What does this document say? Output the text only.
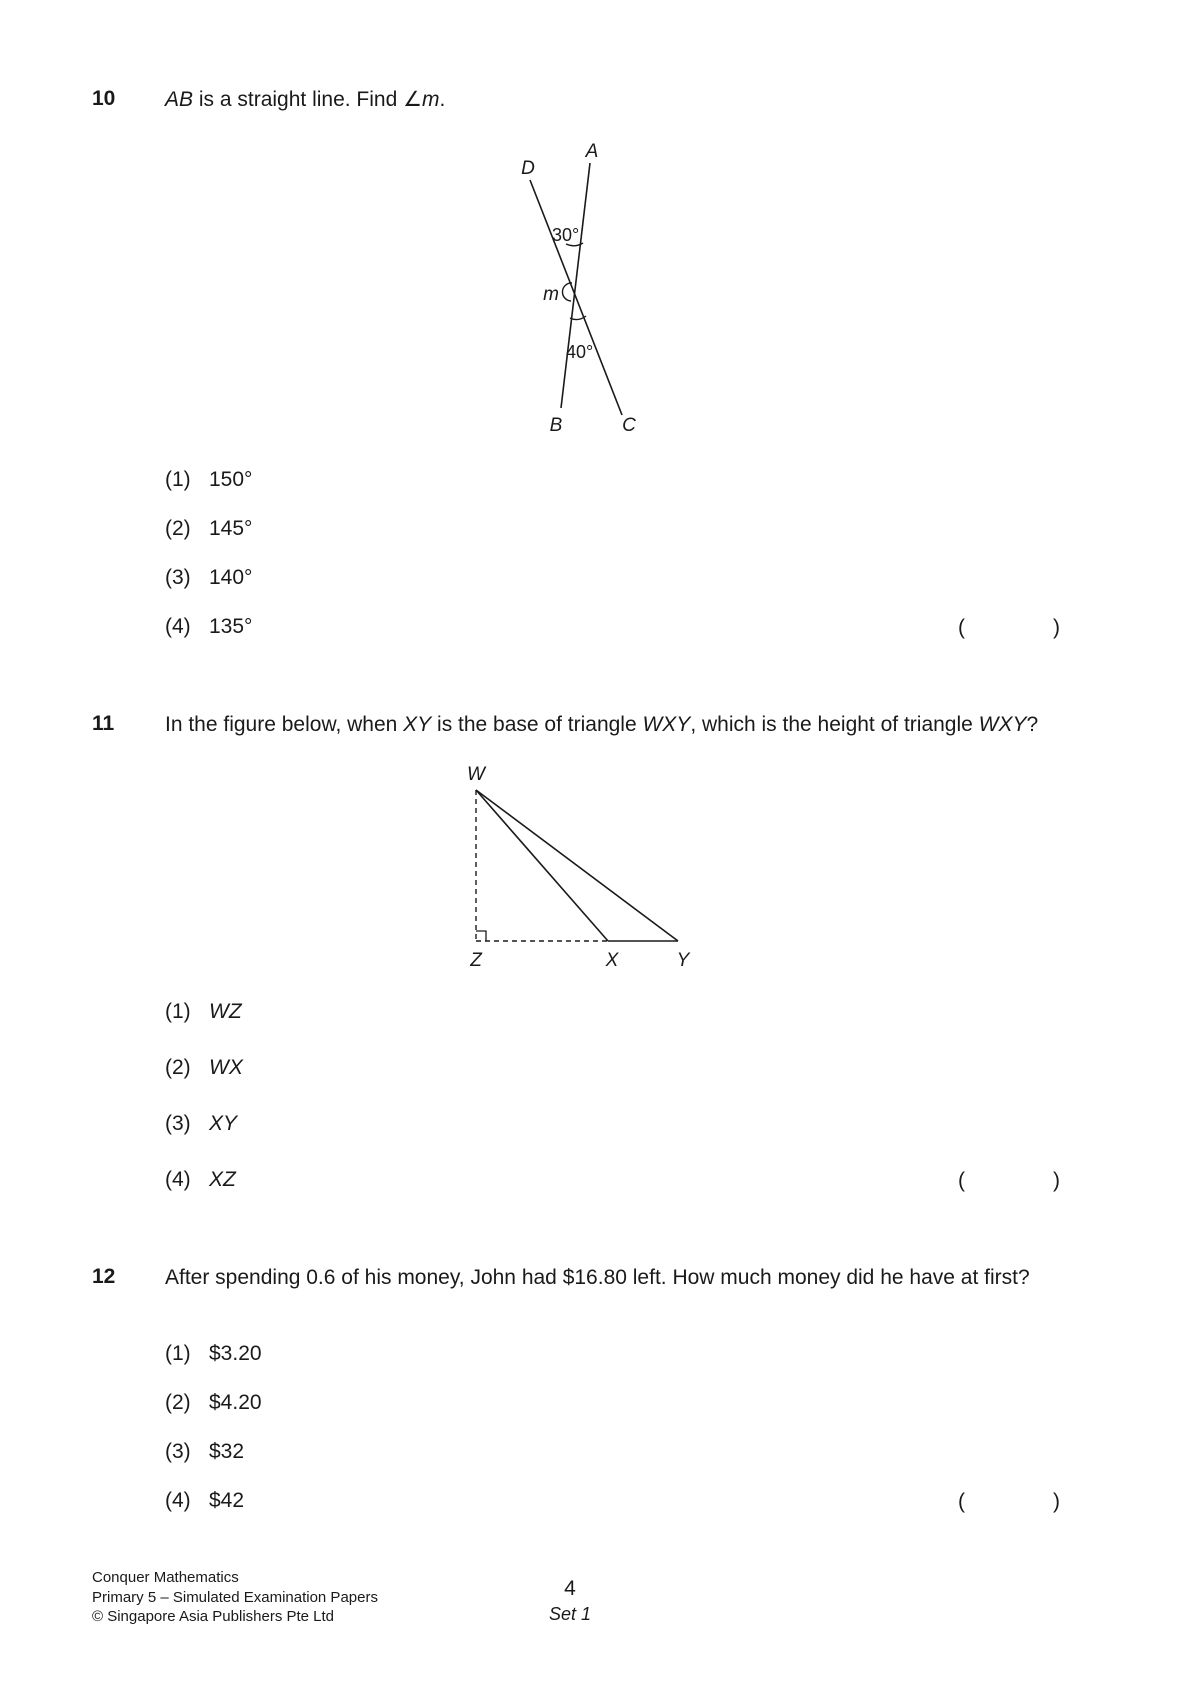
10 AB is a straight line. Find ∠m.
A
D
B	C
m
30°
40°
(1) 150°
(2) 145°
(3) 140°
(4) 135°	(	)
11 In the figure below, when XY is the base of triangle WXY, which is the height of triangle WXY?
W
Z	X	Y
(1) WZ
(2) WX
(3) XY
(4) XZ	(	)
12 After spending 0.6 of his money, John had $16.80 left. How much money did he have at first?
(1) $3.20
(2) $4.20
(3) $32
(4) $42	(	)
Conquer Mathematics
Primary 5 – Simulated Examination Papers
© Singapore Asia Publishers Pte Ltd
4
Set 1
